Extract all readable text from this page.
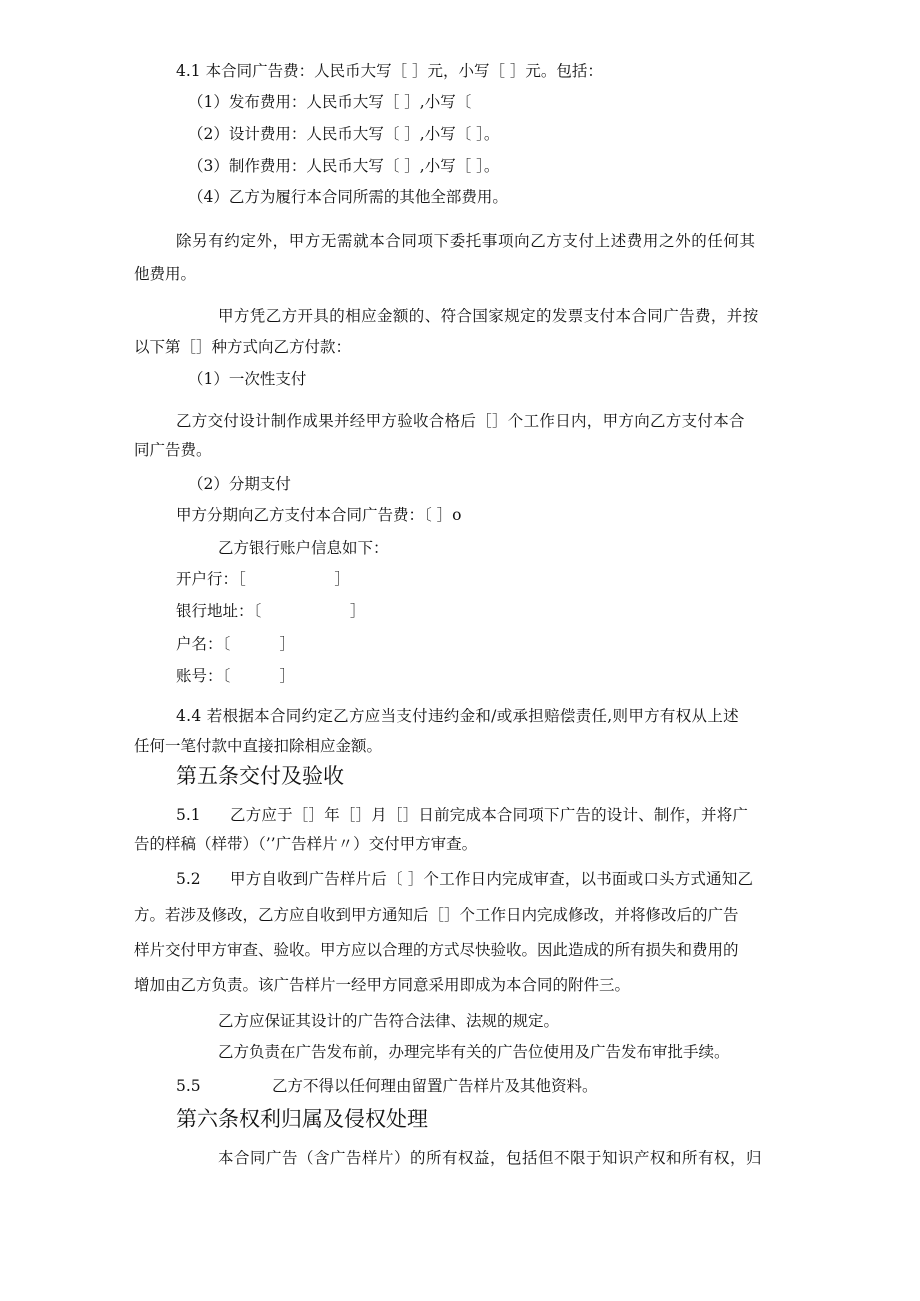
4.1 本合同广告费：人民币大写［ ］元，小写［ ］元。包括：
（1）发布费用：人民币大写［ ］,小写〔
（2）设计费用：人民币大写〔 ］,小写〔 ］。
（3）制作费用：人民币大写〔 ］,小写［ ］。
（4）乙方为履行本合同所需的其他全部费用。
除另有约定外，甲方无需就本合同项下委托事项向乙方支付上述费用之外的任何其
他费用。
甲方凭乙方开具的相应金额的、符合国家规定的发票支付本合同广告费，并按
以下第［］种方式向乙方付款：
（1）一次性支付
乙方交付设计制作成果并经甲方验收合格后［］个工作日内，甲方向乙方支付本合
同广告费。
（2）分期支付
甲方分期向乙方支付本合同广告费：〔 ］o
乙方银行账户信息如下：
开户行：［                  ］
银行地址：〔                  ］
户名：〔          ］
账号：〔          ］
4.4 若根据本合同约定乙方应当支付违约金和/或承担赔偿责任,则甲方有权从上述
任何一笔付款中直接扣除相应金额。
第五条交付及验收
5.1 乙方应于［］年［］月［］日前完成本合同项下广告的设计、制作，并将广
告的样稿（样带）（’’广告样片〃）交付甲方审查。
5.2 甲方自收到广告样片后〔 ］个工作日内完成审查，以书面或口头方式通知乙
方。若涉及修改，乙方应自收到甲方通知后［］个工作日内完成修改，并将修改后的广告
样片交付甲方审查、验收。甲方应以合理的方式尽快验收。因此造成的所有损失和费用的
增加由乙方负责。该广告样片一经甲方同意采用即成为本合同的附件三。
乙方应保证其设计的广告符合法律、法规的规定。
乙方负责在广告发布前，办理完毕有关的广告位使用及广告发布审批手续。
5.5	乙方不得以任何理由留置广告样片及其他资料。
第六条权利归属及侵权处理
本合同广告（含广告样片）的所有权益，包括但不限于知识产权和所有权，归
